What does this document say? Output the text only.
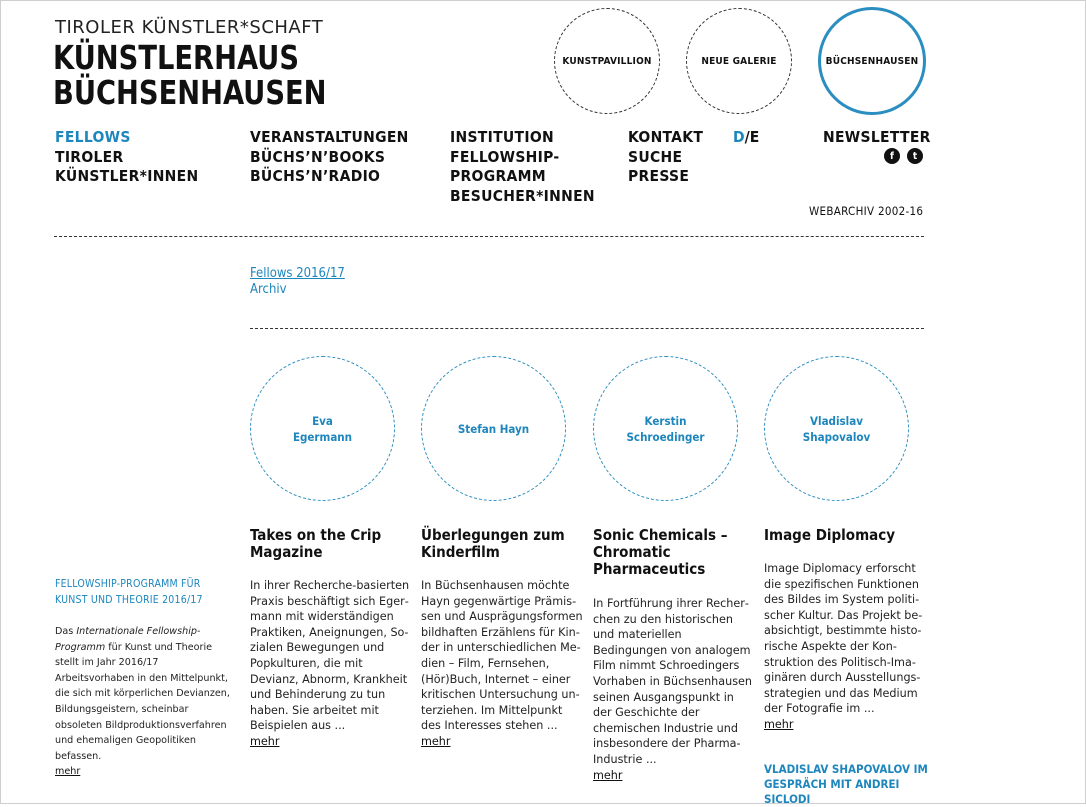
TIROLER KÜNSTLER*SCHAFT
KÜNSTLERHAUS
BÜCHSENHAUSEN
KUNSTPAVILLION	NEUE GALERIE	BÜCHSENHAUSEN
FELLOWS
TIROLER
KÜNSTLER*INNEN
VERANSTALTUNGEN
BÜCHS’N’BOOKS
BÜCHS’N’RADIO
INSTITUTION
FELLOWSHIP-
PROGRAMM
BESUCHER*INNEN
KONTAKT
SUCHE
PRESSE
D/E	NEWSLETTER
f	t
WEBARCHIV 2002-16
Fellows 2016/17
Archiv
Eva
Egermann
Stefan Hayn
Kerstin
Schroedinger
Vladislav
Shapovalov
Takes on the Crip Magazine
In ihrer Recherche-basierten Praxis beschäftigt sich Egermann mit widerständigen Praktiken, Aneignungen, Sozialen Bewegungen und Popkulturen, die mit Devianz, Abnorm, Krankheit und Behinderung zu tun haben. Sie arbeitet mit Beispielen aus ...
mehr
Überlegungen zum Kinderfilm
In Büchsenhausen möchte Hayn gegenwärtige Prämissen und Ausprägungsformen bildhaften Erzählens für Kinder in unterschiedlichen Medien – Film, Fernsehen, (Hör)Buch, Internet – einer kritischen Untersuchung unterziehen. Im Mittelpunkt des Interesses stehen ...
mehr
Sonic Chemicals – Chromatic Pharmaceutics
In Fortführung ihrer Recherchen zu den historischen und materiellen Bedingungen von analogem Film nimmt Schroedingers Vorhaben in Büchsenhausen seinen Ausgangspunkt in der Geschichte der chemischen Industrie und insbesondere der Pharma-Industrie ...
mehr
Image Diplomacy
Image Diplomacy erforscht die spezifischen Funktionen des Bildes im System politischer Kultur. Das Projekt beabsichtigt, bestimmte historische Aspekte der Konstruktion des Politisch-Imaginären durch Ausstellungsstrategien und das Medium der Fotografie im ...
mehr
VLADISLAV SHAPOVALOV IM GESPRÄCH MIT ANDREI SICLODI
FELLOWSHIP-PROGRAMM FÜR
KUNST UND THEORIE 2016/17
Das Internationale Fellowship-Programm für Kunst und Theorie stellt im Jahr 2016/17 Arbeitsvorhaben in den Mittelpunkt, die sich mit körperlichen Devianzen, Bildungsgeistern, scheinbar obsoleten Bildproduktionsverfahren und ehemaligen Geopolitiken befassen.
mehr
